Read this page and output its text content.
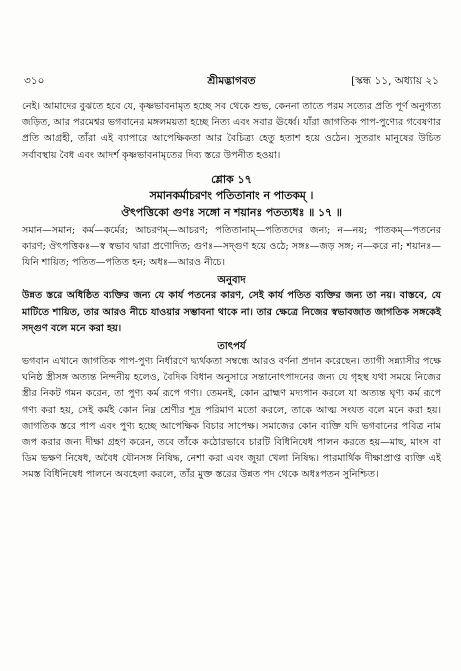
৩১০	শ্রীমদ্ভাগবত	[স্কন্ধ ১১, অধ্যায় ২১

নেই। আমাদের বুঝতে হবে যে, কৃষ্ণভাবনামৃত হচ্ছে সব থেকে শুভ, কেননা তাতে পরম সত্যের প্রতি পূর্ণ অনুগত্য জড়িত, আর পরমেশ্বর ভগবানের মঙ্গলময়তা হচ্ছে নিত্য এবং সবার ঊর্ধ্বে। যাঁরা জাগতিক পাপ-পুণ্যের গবেষণার প্রতি আগ্রহী, তাঁরা এই ব্যাপারে আপেক্ষিকতা আর বৈচিত্র্য হেতু হতাশ হয়ে ওঠেন। সুতরাং মানুষের উচিত সর্বাবস্থায় বৈধ এবং আদর্শ কৃষ্ণভাবনামৃতের দিব্য স্তরে উপনীত হওয়া।

শ্লোক ১৭
সমানকর্মাচরণং পতিতানাং ন পাতকম্ ।
ঔৎপত্তিকো গুণঃ সঙ্গো ন শয়ানঃ পতত্যধঃ ॥ ১৭ ॥

সমান—সমান; কর্ম—কর্মের; আচরণম্—আচরণ; পতিতানাম্—পতিতদের জন্য; ন—নয়; পাতকম্—পতনের কারণ; ঔৎপত্তিকঃ—স্ব স্বভাব দ্বারা প্রণোদিত; গুণঃ—সদ্গুণ হয়ে ওঠে; সঙ্গঃ—জড় সঙ্গ; ন—করে না; শয়ানঃ—যিনি শায়িত; পতিত—পতিত হন; অধঃ—আরও নীচে।

অনুবাদ

উন্নত স্তরে অধিষ্ঠিত ব্যক্তির জন্য যে কার্য পতনের কারণ, সেই কার্য পতিত ব্যক্তির জন্য তা নয়। বাস্তবে, যে মাটিতে শায়িত, তার আরও নীচে যাওয়ার সম্ভাবনা থাকে না। তার ক্ষেত্রে নিজের স্বভাবজাত জাগতিক সঙ্গকেই সদ্গুণ বলে মনে করা হয়।

তাৎপর্য

ভগবান এখানে জাগতিক পাপ-পুণ্য নির্ধারণে দ্ব্যর্থকতা সম্বন্ধে আরও বর্ণনা প্রদান করেছেন। ত্যাগী সন্ন্যাসীর পক্ষে ঘনিষ্ঠ স্ত্রীসঙ্গ অত্যন্ত নিন্দনীয় হলেও, বৈদিক বিধান অনুসারে সন্তানোৎপাদনের জন্য যে গৃহস্থ যথা সময়ে নিজের স্ত্রীর নিকট গমন করেন, তা পুণ্য কর্ম রূপে গণ্য। তেমনই, কোন ব্রাহ্মণ মদ্যপান করলে যা অত্যন্ত ঘৃণ্য কর্ম রূপে গণ্য করা হয়, সেই কর্মই কোন নিম্ন শ্রেণীর শূদ্র পরিমাণ মতো করলে, তাকে আত্ম সংযত বলে মনে করা হয়। জাগতিক স্তরে পাপ এবং পুণ্য হচ্ছে আপেক্ষিক বিচার সাপেক্ষ। সমাজের কোন ব্যক্তি যদি ভগবানের পবিত্র নাম জপ করার জন্য দীক্ষা গ্রহণ করেন, তবে তাঁকে কঠোরভাবে চারটি বিধিনিষেধ পালন করতে হয়—মাছ, মাংস বা ডিম ভক্ষণ নিষেধ, অবৈধ যৌনসঙ্গ নিষিদ্ধ, নেশা করা এবং জুয়া খেলা নিষিদ্ধ। পারমার্থিক দীক্ষাপ্রাপ্ত ব্যক্তি এই সমস্ত বিধিনিষেধ পালনে অবহেলা করলে, তাঁর মুক্ত স্তরের উন্নত পদ থেকে অধঃপতন সুনিশ্চিত।
